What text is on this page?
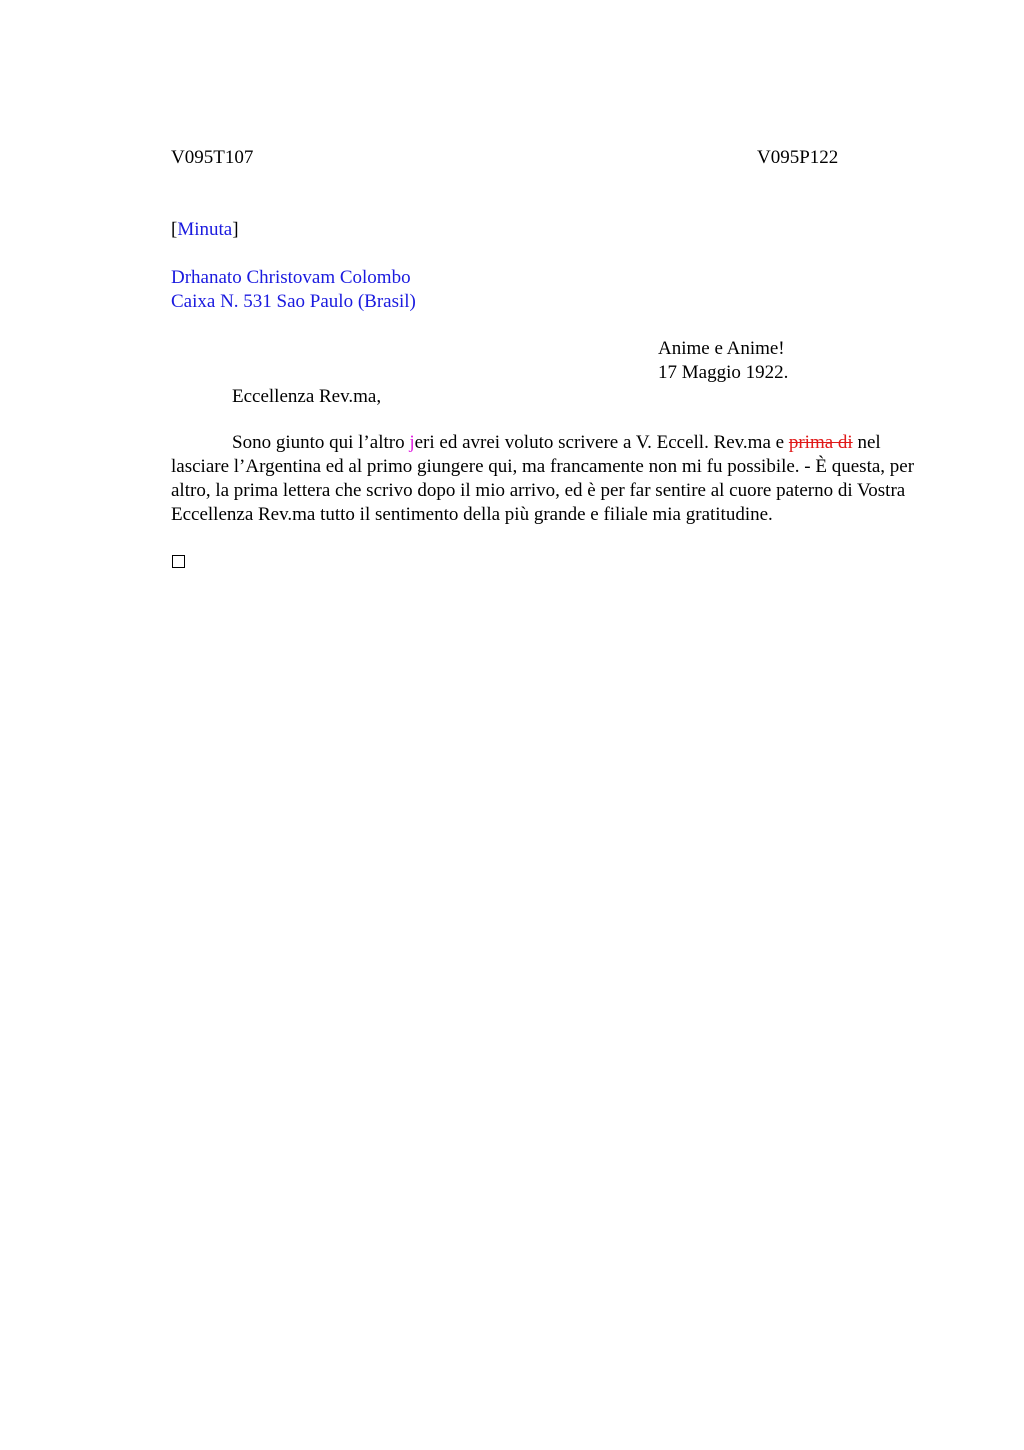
V095T107	V095P122
[Minuta]
Drhanato Christovam Colombo
Caixa N. 531 Sao Paulo (Brasil)
Anime e Anime!
17 Maggio 1922.
Eccellenza Rev.ma,
Sono giunto qui l’altro jeri ed avrei voluto scrivere a V. Eccell. Rev.ma e prima di nel lasciare l’Argentina ed al primo giungere qui, ma francamente non mi fu possibile. - È questa, per altro, la prima lettera che scrivo dopo il mio arrivo, ed è per far sentire al cuore paterno di Vostra Eccellenza Rev.ma tutto il sentimento della più grande e filiale mia gratitudine.
